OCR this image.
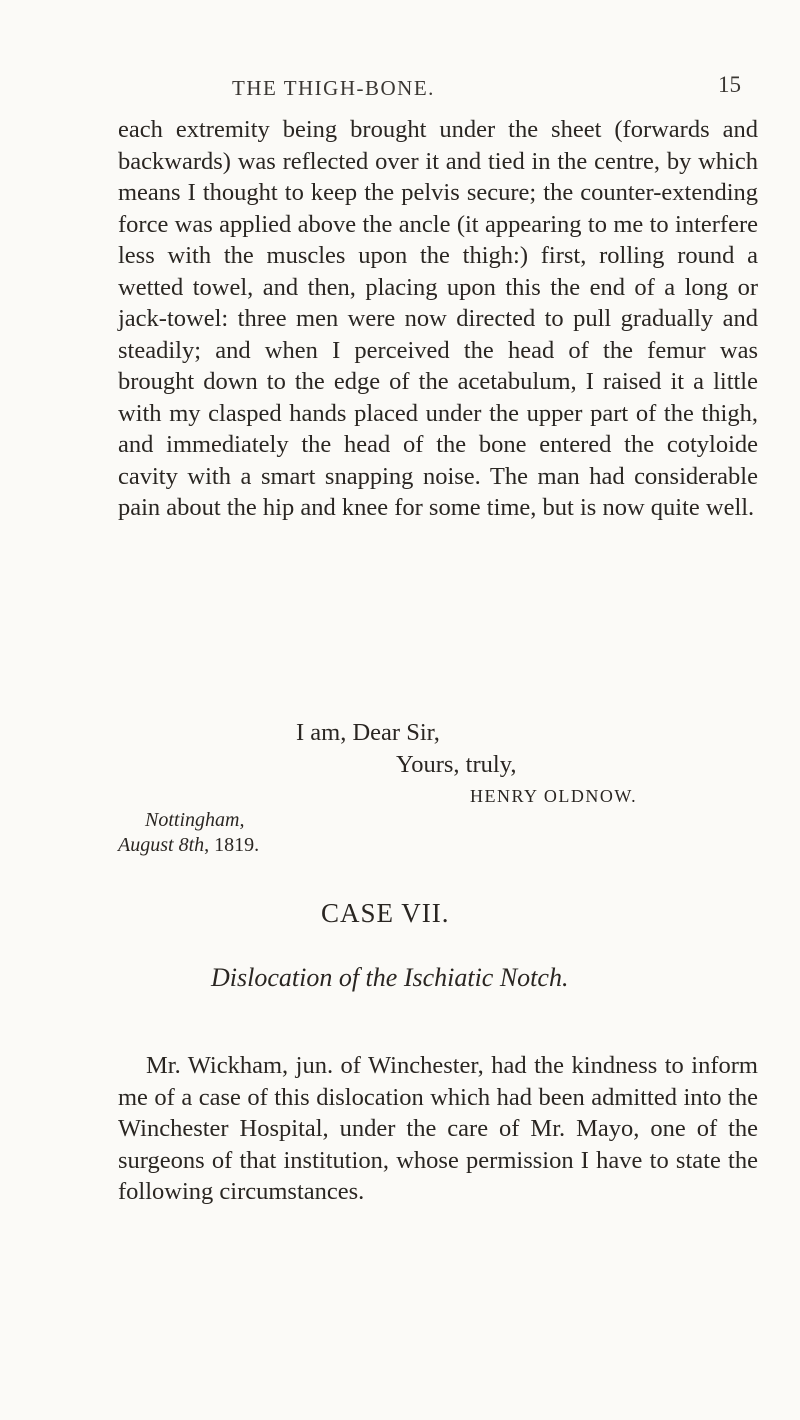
THE THIGH-BONE.	15

each extremity being brought under the sheet (forwards and backwards) was reflected over it and tied in the centre, by which means I thought to keep the pelvis secure; the counter-extending force was applied above the ancle (it appearing to me to interfere less with the muscles upon the thigh:) first, rolling round a wetted towel, and then, placing upon this the end of a long or jack-towel: three men were now directed to pull gradually and steadily; and when I perceived the head of the femur was brought down to the edge of the acetabulum, I raised it a little with my clasped hands placed under the upper part of the thigh, and immediately the head of the bone entered the cotyloide cavity with a smart snapping noise. The man had considerable pain about the hip and knee for some time, but is now quite well.

I am, Dear Sir,
Yours, truly,
HENRY OLDNOW.
Nottingham,
August 8th, 1819.
CASE VII.
Dislocation of the Ischiatic Notch.

Mr. Wickham, jun. of Winchester, had the kindness to inform me of a case of this dislocation which had been admitted into the Winchester Hospital, under the care of Mr. Mayo, one of the surgeons of that institution, whose permission I have to state the following circumstances.
